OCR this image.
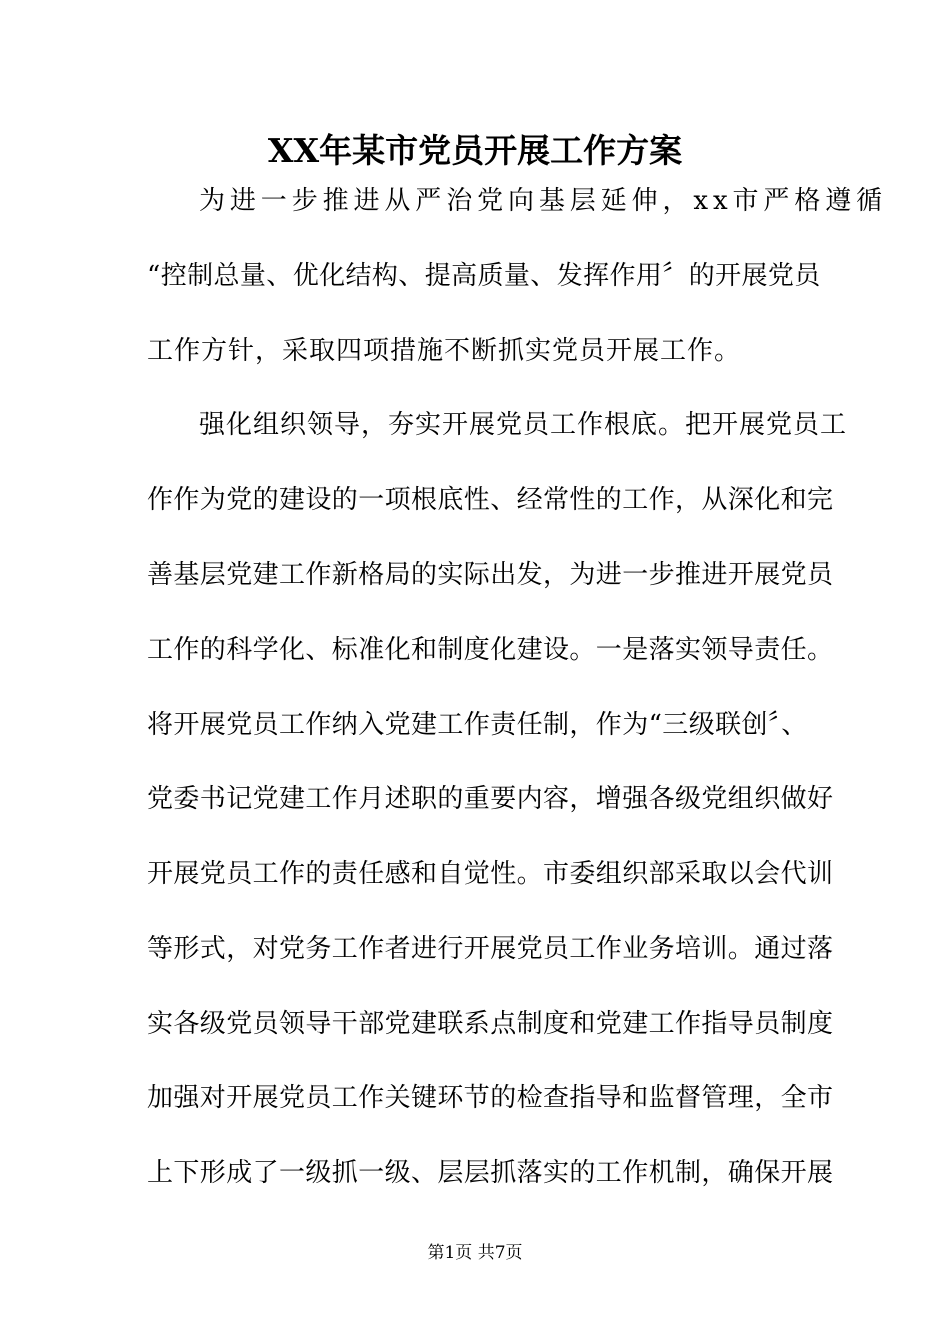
XX年某市党员开展工作方案
为进一步推进从严治党向基层延伸，xx市严格遵循
“控制总量、优化结构、提高质量、发挥作用〞的开展党员
工作方针，采取四项措施不断抓实党员开展工作。
强化组织领导，夯实开展党员工作根底。把开展党员工
作作为党的建设的一项根底性、经常性的工作，从深化和完
善基层党建工作新格局的实际出发，为进一步推进开展党员
工作的科学化、标准化和制度化建设。一是落实领导责任。
将开展党员工作纳入党建工作责任制，作为“三级联创〞、
党委书记党建工作月述职的重要内容，增强各级党组织做好
开展党员工作的责任感和自觉性。市委组织部采取以会代训
等形式，对党务工作者进行开展党员工作业务培训。通过落
实各级党员领导干部党建联系点制度和党建工作指导员制度
加强对开展党员工作关键环节的检查指导和监督管理，全市
上下形成了一级抓一级、层层抓落实的工作机制，确保开展
第1页 共7页
